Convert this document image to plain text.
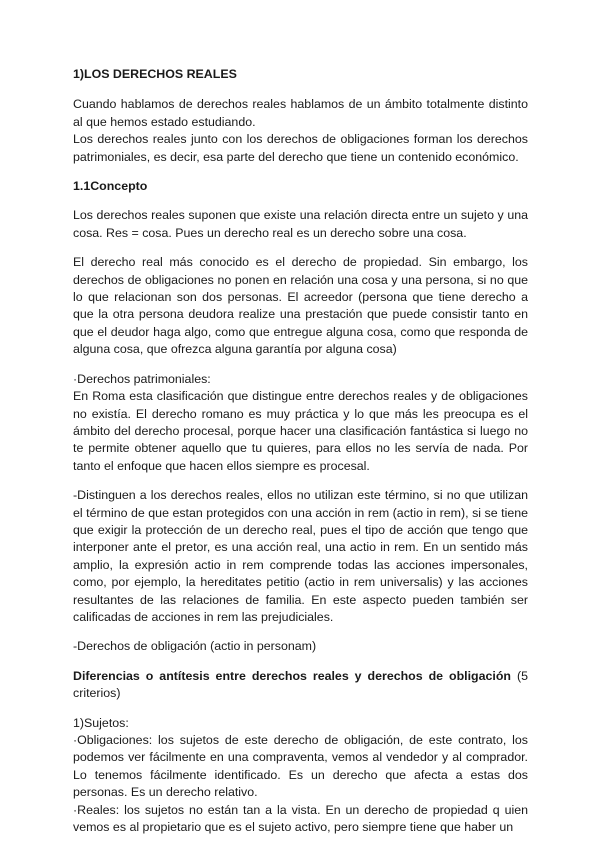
1)LOS DERECHOS REALES
Cuando hablamos de derechos reales hablamos de un ámbito totalmente distinto al que hemos estado estudiando.
Los derechos reales junto con los derechos de obligaciones forman los derechos patrimoniales, es decir, esa parte del derecho que tiene un contenido económico.
1.1Concepto

Los derechos reales suponen que existe una relación directa entre un sujeto y una cosa. Res = cosa. Pues un derecho real es un derecho sobre una cosa.

El derecho real más conocido es el derecho de propiedad. Sin embargo, los derechos de obligaciones no ponen en relación una cosa y una persona, si no que lo que relacionan son dos personas. El acreedor (persona que tiene derecho a que la otra persona deudora realize una prestación que puede consistir tanto en que el deudor haga algo, como que entregue alguna cosa, como que responda de alguna cosa, que ofrezca alguna garantía por alguna cosa)

·Derechos patrimoniales:
En Roma esta clasificación que distingue entre derechos reales y de obligaciones no existía. El derecho romano es muy práctica y lo que más les preocupa es el ámbito del derecho procesal, porque hacer una clasificación fantástica si luego no te permite obtener aquello que tu quieres, para ellos no les servía de nada. Por tanto el enfoque que hacen ellos siempre es procesal.

-Distinguen a los derechos reales, ellos no utilizan este término, si no que utilizan el término de que estan protegidos con una acción in rem (actio in rem), si se tiene que exigir la protección de un derecho real, pues el tipo de acción que tengo que interponer ante el pretor, es una acción real, una actio in rem. En un sentido más amplio, la expresión actio in rem comprende todas las acciones impersonales, como, por ejemplo, la hereditates petitio (actio in rem universalis) y las acciones resultantes de las relaciones de familia. En este aspecto pueden también ser calificadas de acciones in rem las prejudiciales.

-Derechos de obligación (actio in personam)

Diferencias o antítesis entre derechos reales y derechos de obligación (5 criterios)

1)Sujetos:
·Obligaciones: los sujetos de este derecho de obligación, de este contrato, los podemos ver fácilmente en una compraventa, vemos al vendedor y al comprador. Lo tenemos fácilmente identificado. Es un derecho que afecta a estas dos personas. Es un derecho relativo.
·Reales: los sujetos no están tan a la vista. En un derecho de propiedad q uien vemos es al propietario que es el sujeto activo, pero siempre tiene que haber un
